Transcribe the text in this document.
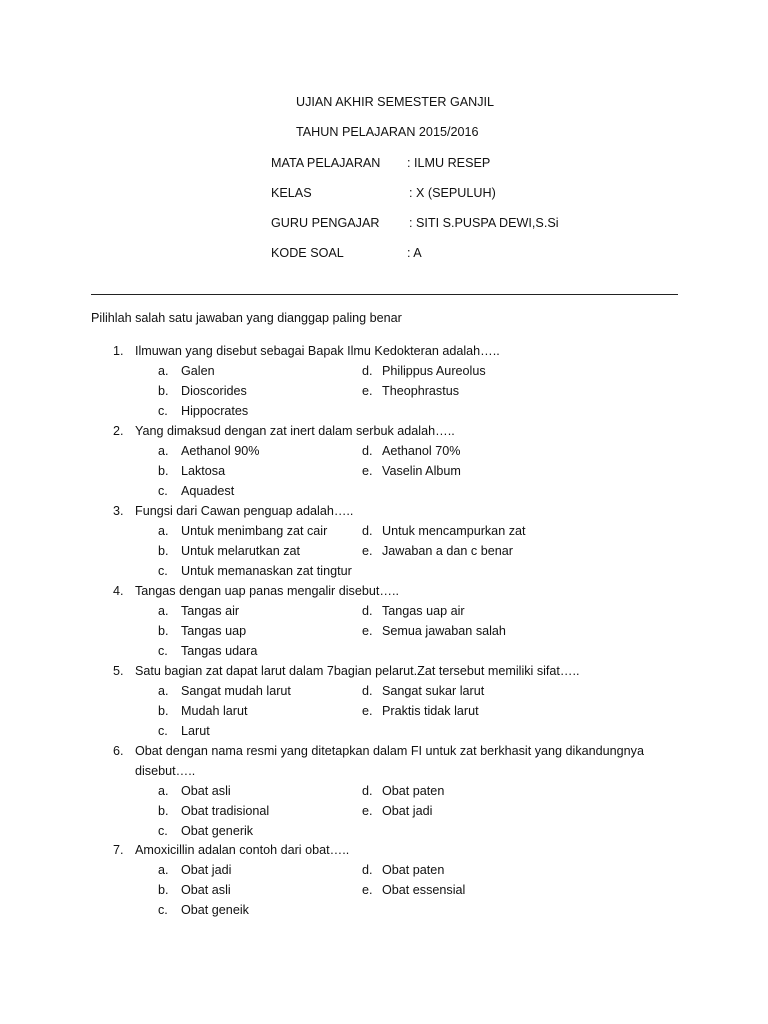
UJIAN AKHIR SEMESTER GANJIL
TAHUN PELAJARAN 2015/2016
MATA PELAJARAN : ILMU RESEP
KELAS	: X (SEPULUH)
GURU PENGAJAR : SITI S.PUSPA DEWI,S.Si
KODE SOAL	: A
Pilihlah salah satu jawaban yang dianggap paling benar
1. Ilmuwan yang disebut sebagai Bapak Ilmu Kedokteran adalah…..
a. Galen	d. Philippus Aureolus
b. Dioscorides	e. Theophrastus
c. Hippocrates
2. Yang dimaksud dengan zat inert dalam serbuk adalah…..
a. Aethanol 90%	d. Aethanol 70%
b. Laktosa	e. Vaselin Album
c. Aquadest
3. Fungsi dari Cawan penguap adalah…..
a. Untuk menimbang zat cair	d. Untuk mencampurkan zat
b. Untuk melarutkan zat	e. Jawaban a dan c benar
c. Untuk memanaskan zat tingtur
4. Tangas dengan uap panas mengalir disebut…..
a. Tangas air	d. Tangas uap air
b. Tangas uap	e. Semua jawaban salah
c. Tangas udara
5. Satu bagian zat dapat larut dalam 7bagian pelarut.Zat tersebut memiliki sifat…..
a. Sangat mudah larut	d. Sangat sukar larut
b. Mudah larut	e. Praktis tidak larut
c. Larut
6. Obat dengan nama resmi yang ditetapkan dalam FI untuk zat berkhasit yang dikandungnya
disebut…..
a. Obat asli	d. Obat paten
b. Obat tradisional	e. Obat jadi
c. Obat generik
7. Amoxicillin adalan contoh dari obat…..
a. Obat jadi	d. Obat paten
b. Obat asli	e. Obat essensial
c. Obat geneik
